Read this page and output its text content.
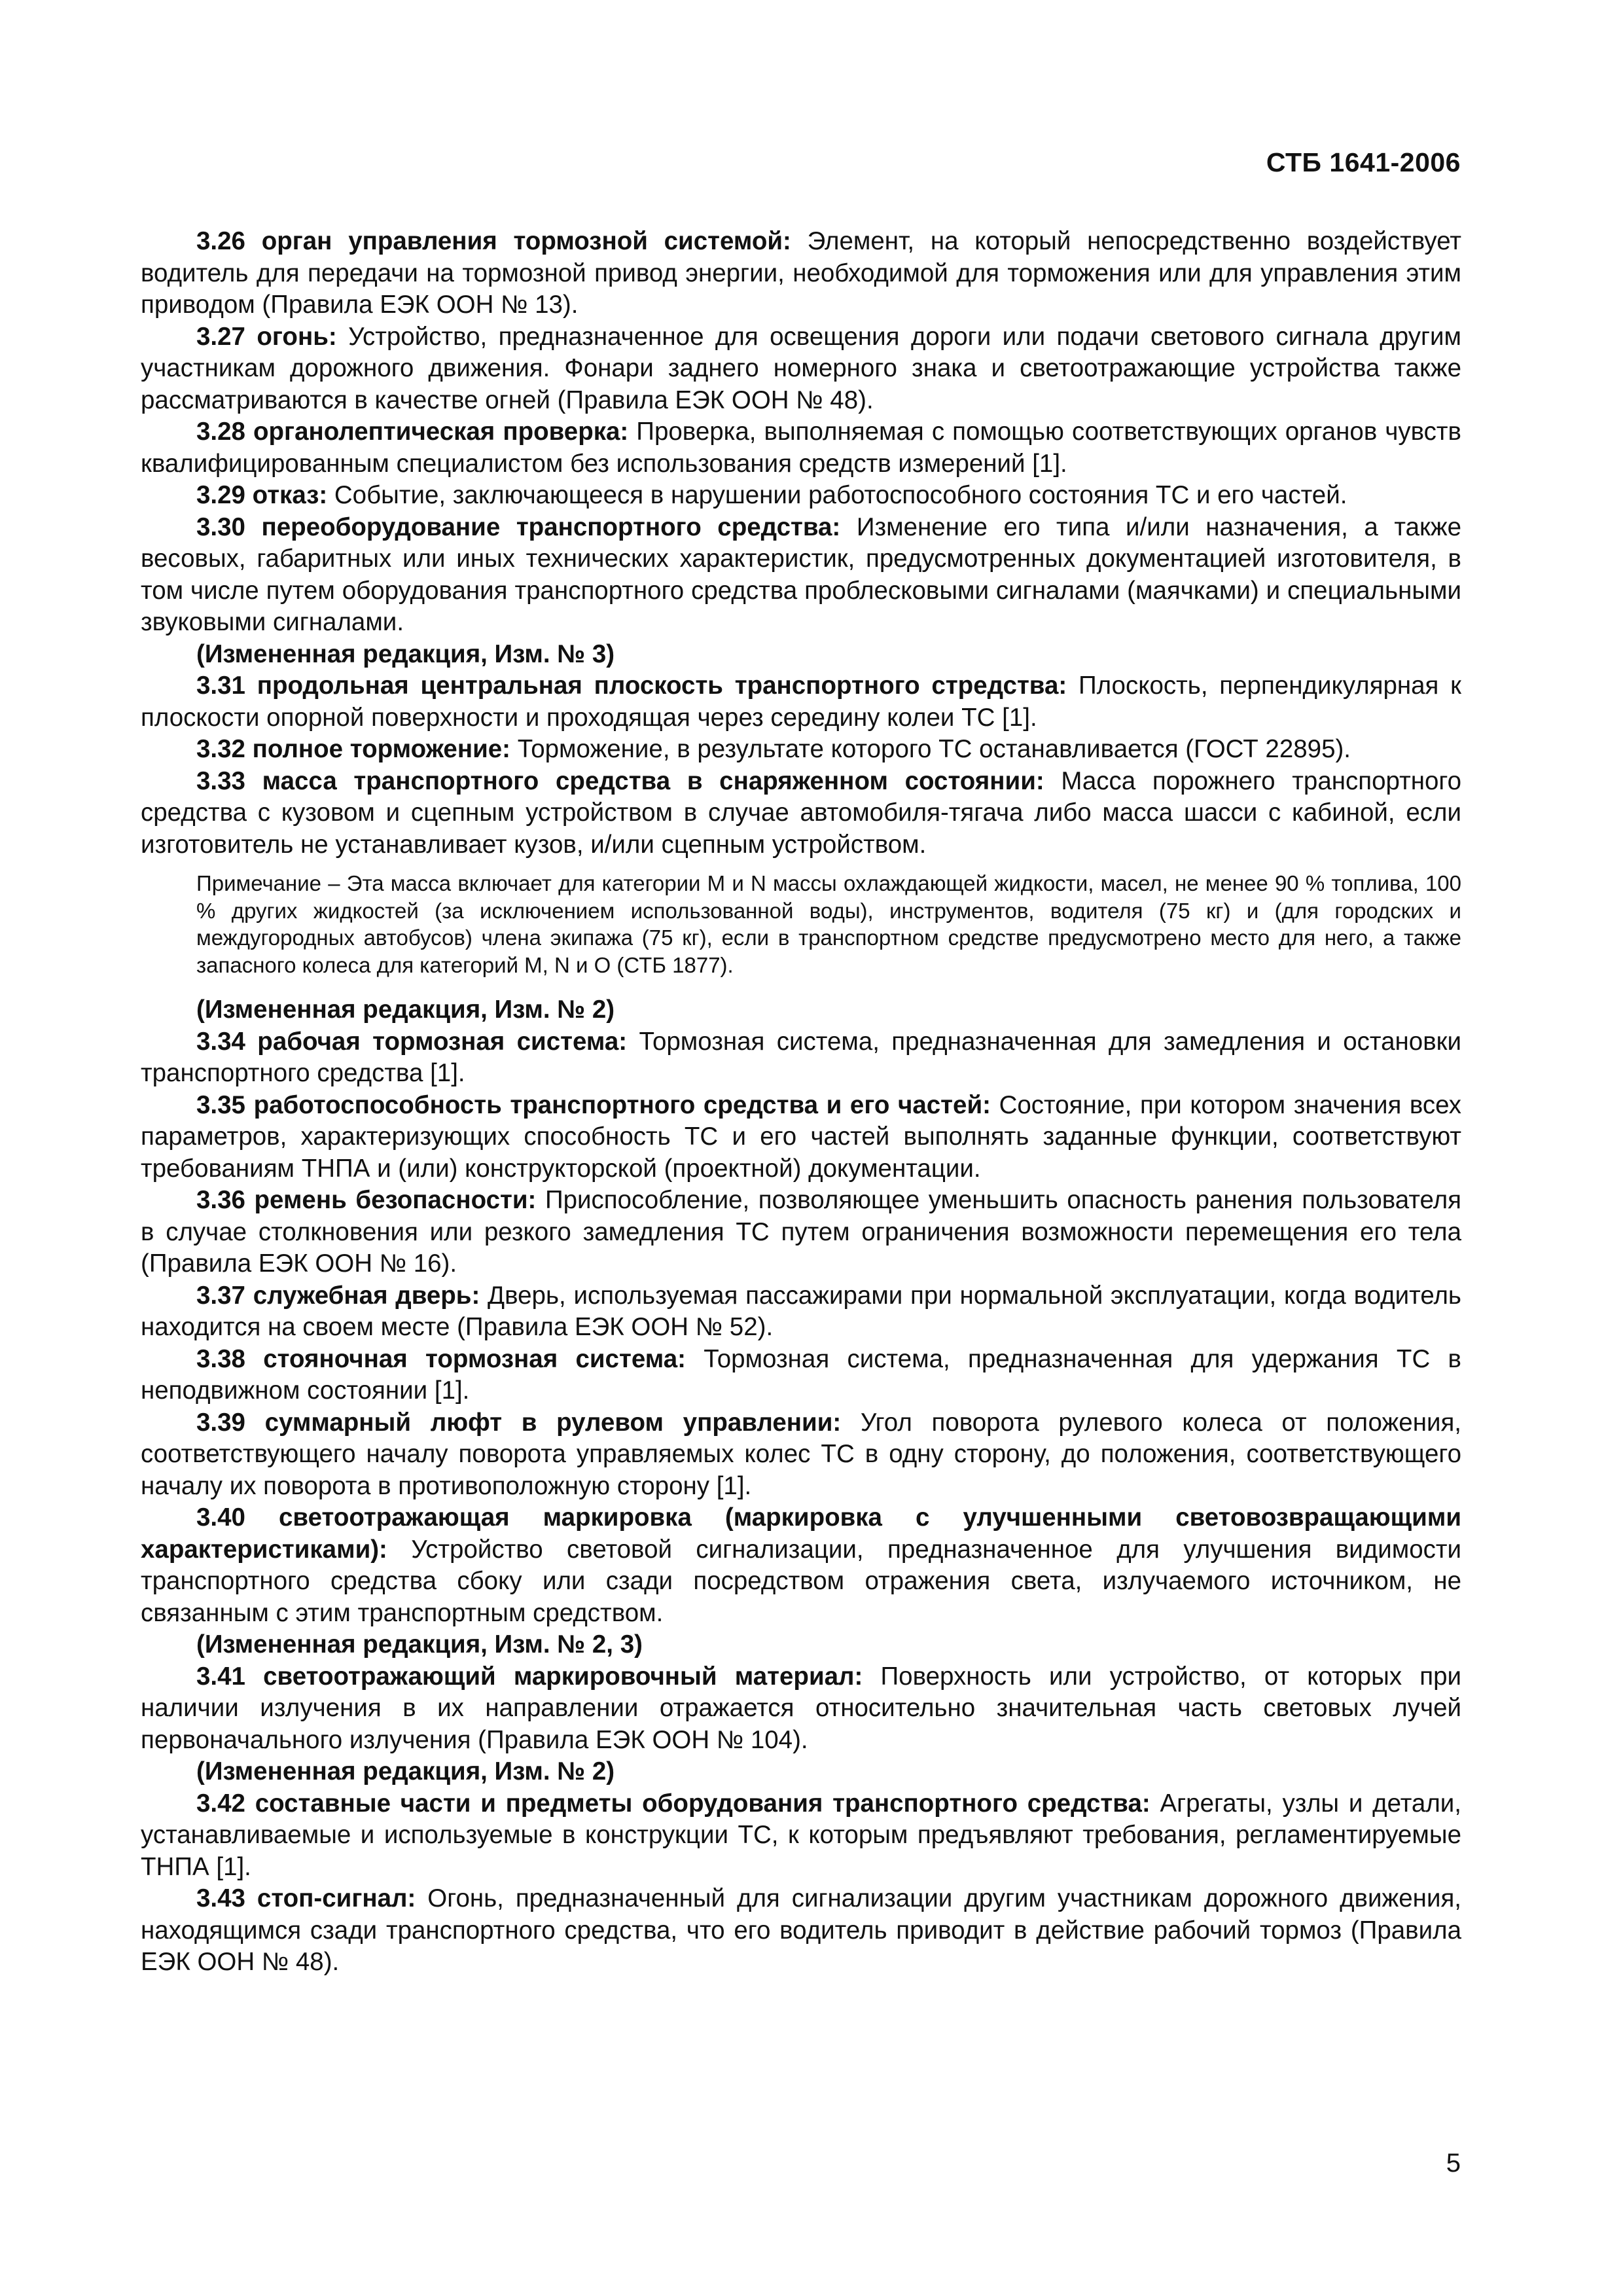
СТБ 1641-2006

3.26 орган управления тормозной системой: Элемент, на который непосредственно воздействует водитель для передачи на тормозной привод энергии, необходимой для торможения или для управления этим приводом (Правила ЕЭК ООН № 13).

3.27 огонь: Устройство, предназначенное для освещения дороги или подачи светового сигнала другим участникам дорожного движения. Фонари заднего номерного знака и светоотражающие устройства также рассматриваются в качестве огней (Правила ЕЭК ООН № 48).

3.28 органолептическая проверка: Проверка, выполняемая с помощью соответствующих органов чувств квалифицированным специалистом без использования средств измерений [1].

3.29 отказ: Событие, заключающееся в нарушении работоспособного состояния ТС и его частей.

3.30 переоборудование транспортного средства: Изменение его типа и/или назначения, а также весовых, габаритных или иных технических характеристик, предусмотренных документацией изготовителя, в том числе путем оборудования транспортного средства проблесковыми сигналами (маячками) и специальными звуковыми сигналами.

(Измененная редакция, Изм. № 3)

3.31 продольная центральная плоскость транспортного стредства: Плоскость, перпендикулярная к плоскости опорной поверхности и проходящая через середину колеи ТС [1].

3.32 полное торможение: Торможение, в результате которого ТС останавливается (ГОСТ 22895).

3.33 масса транспортного средства в снаряженном состоянии: Масса порожнего транспортного средства с кузовом и сцепным устройством в случае автомобиля-тягача либо масса шасси с кабиной, если изготовитель не устанавливает кузов, и/или сцепным устройством.

Примечание – Эта масса включает для категории M и N массы охлаждающей жидкости, масел, не менее 90 % топлива, 100 % других жидкостей (за исключением использованной воды), инструментов, водителя (75 кг) и (для городских и междугородных автобусов) члена экипажа (75 кг), если в транспортном средстве предусмотрено место для него, а также запасного колеса для категорий M, N и O (СТБ 1877).

(Измененная редакция, Изм. № 2)

3.34 рабочая тормозная система: Тормозная система, предназначенная для замедления и остановки транспортного средства [1].

3.35 работоспособность транспортного средства и его частей: Состояние, при котором значения всех параметров, характеризующих способность ТС и его частей выполнять заданные функции, соответствуют требованиям ТНПА и (или) конструкторской (проектной) документации.

3.36 ремень безопасности: Приспособление, позволяющее уменьшить опасность ранения пользователя в случае столкновения или резкого замедления ТС путем ограничения возможности перемещения его тела (Правила ЕЭК ООН № 16).

3.37 служебная дверь: Дверь, используемая пассажирами при нормальной эксплуатации, когда водитель находится на своем месте (Правила ЕЭК ООН № 52).

3.38 стояночная тормозная система: Тормозная система, предназначенная для удержания ТС в неподвижном состоянии [1].

3.39 суммарный люфт в рулевом управлении: Угол поворота рулевого колеса от положения, соответствующего началу поворота управляемых колес ТС в одну сторону, до положения, соответствующего началу их поворота в противоположную сторону [1].

3.40 светоотражающая маркировка (маркировка с улучшенными световозвращающими характеристиками): Устройство световой сигнализации, предназначенное для улучшения видимости транспортного средства сбоку или сзади посредством отражения света, излучаемого источником, не связанным с этим транспортным средством.

(Измененная редакция, Изм. № 2, 3)

3.41 светоотражающий маркировочный материал: Поверхность или устройство, от которых при наличии излучения в их направлении отражается относительно значительная часть световых лучей первоначального излучения (Правила ЕЭК ООН № 104).

(Измененная редакция, Изм. № 2)

3.42 составные части и предметы оборудования транспортного средства: Агрегаты, узлы и детали, устанавливаемые и используемые в конструкции ТС, к которым предъявляют требования, регламентируемые ТНПА [1].

3.43 стоп-сигнал: Огонь, предназначенный для сигнализации другим участникам дорожного движения, находящимся сзади транспортного средства, что его водитель приводит в действие рабочий тормоз (Правила ЕЭК ООН № 48).

5
